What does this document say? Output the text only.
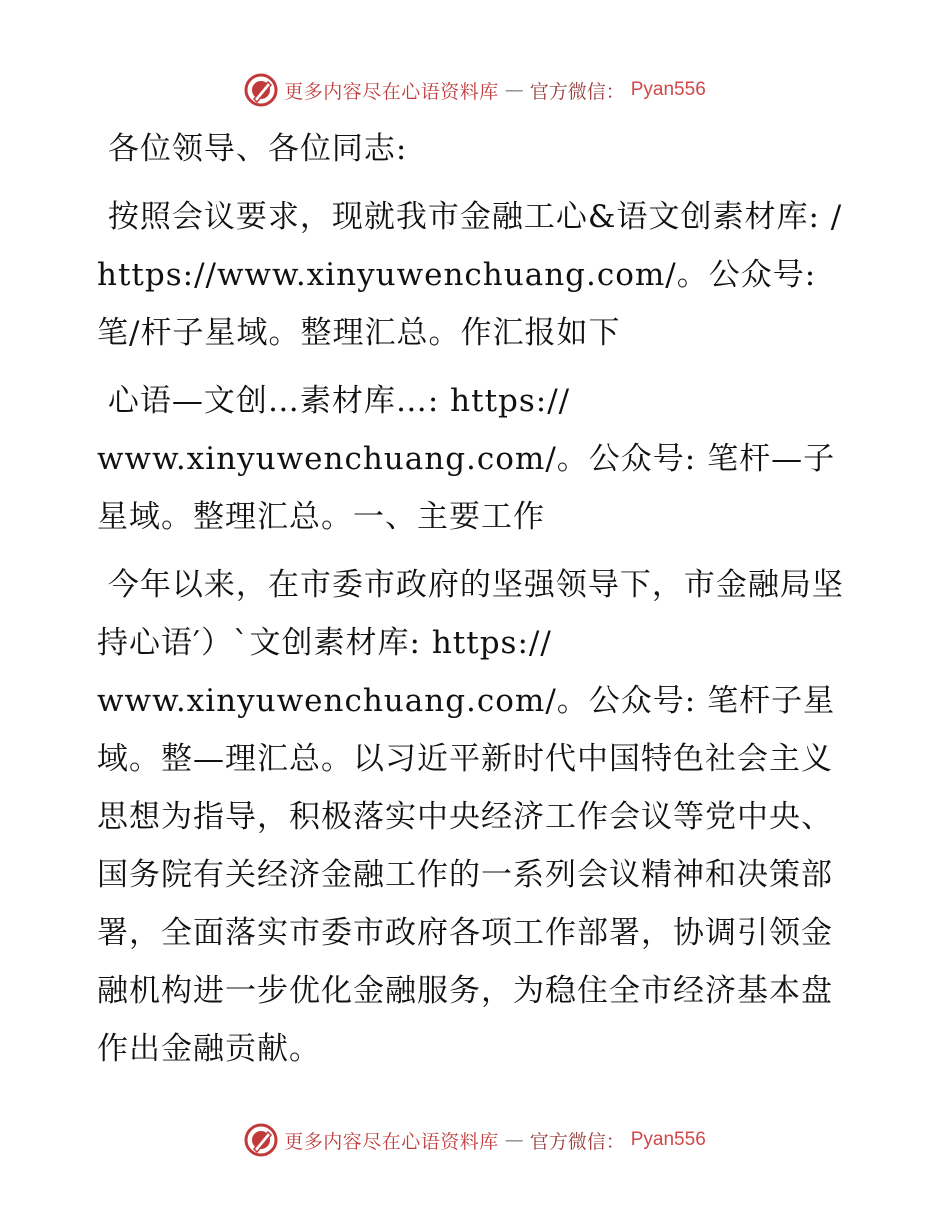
更多内容尽在心语资料库 — 官方微信： Pyan556

各位领导、各位同志:

按照会议要求，现就我市金融工心&语文创素材库: /https://www.xinyuwenchuang.com/。公众号: 笔/杆子星域。整理汇总。作汇报如下

心语—文创…素材库…: https://
www.xinyuwenchuang.com/。公众号: 笔杆—子星域。整理汇总。一、主要工作

今年以来，在市委市政府的坚强领导下，市金融局坚持心语′）`文创素材库: https://
www.xinyuwenchuang.com/。公众号: 笔杆子星
域。整—理汇总。以习近平新时代中国特色社会主义思想为指导，积极落实中央经济工作会议等党中央、国务院有关经济金融工作的一系列会议精神和决策部署，全面落实市委市政府各项工作部署，协调引领金融机构进一步优化金融服务，为稳住全市经济基本盘作出金融贡献。

更多内容尽在心语资料库 — 官方微信： Pyan556
